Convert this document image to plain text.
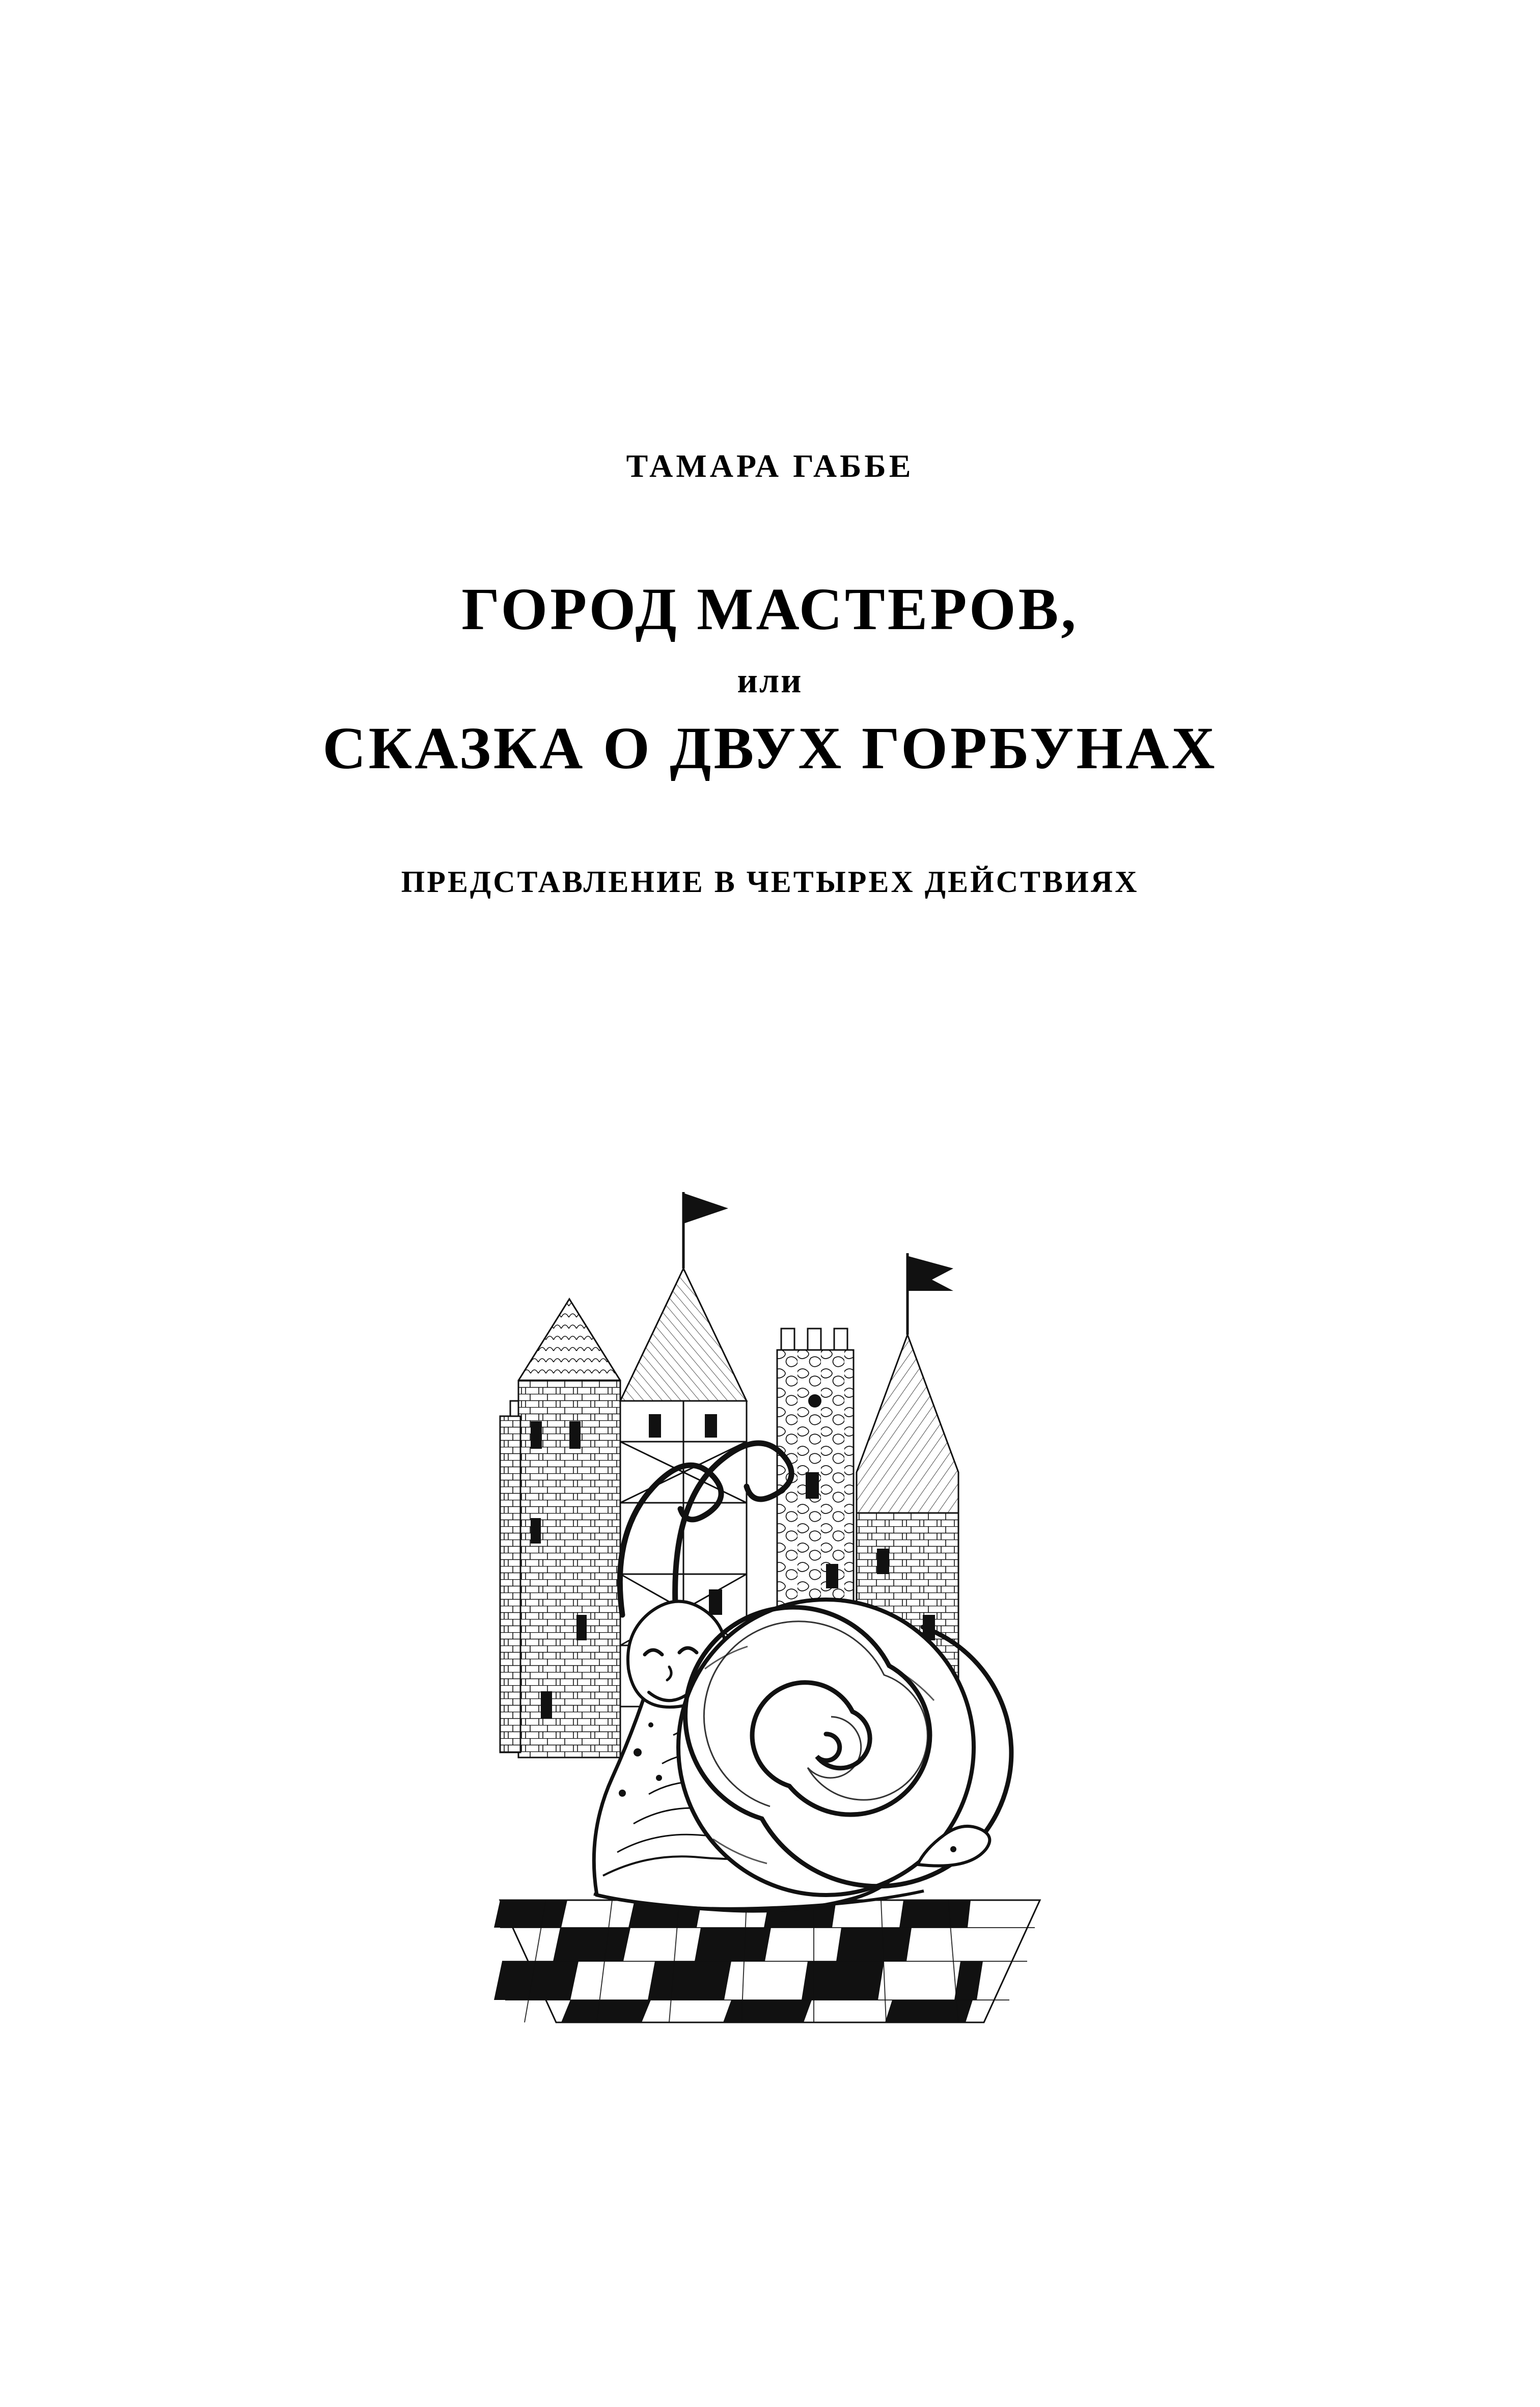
ТАМАРА ГАББЕ
ГОРОД МАСТЕРОВ,
или
СКАЗКА О ДВУХ ГОРБУНАХ
ПРЕДСТАВЛЕНИЕ В ЧЕТЫРЕХ ДЕЙСТВИЯХ
